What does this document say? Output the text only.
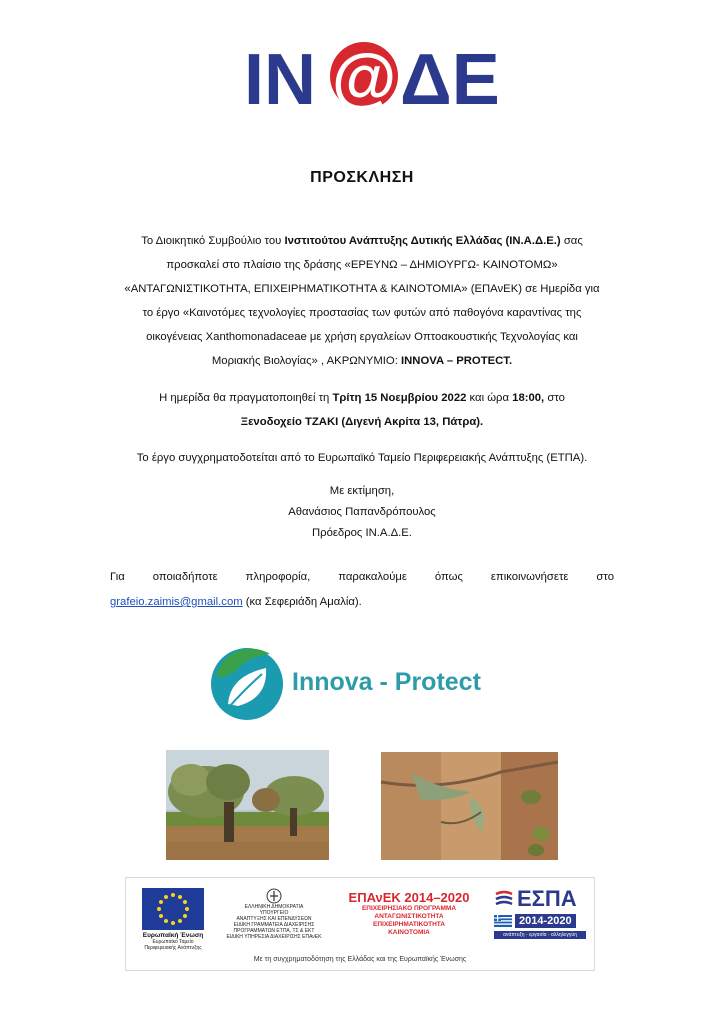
ΙΝ @ ΔΕ
ΠΡΟΣΚΛΗΣΗ
Το Διοικητικό Συμβούλιο του Ινστιτούτου Ανάπτυξης Δυτικής Ελλάδας (ΙΝ.Α.Δ.Ε.) σας
προσκαλεί στο πλαίσιο της δράσης «ΕΡΕΥΝΩ – ΔΗΜΙΟΥΡΓΩ- ΚΑΙΝΟΤΟΜΩ»
«ΑΝΤΑΓΩΝΙΣΤΙΚΟΤΗΤΑ, ΕΠΙΧΕΙΡΗΜΑΤΙΚΟΤΗΤΑ & ΚΑΙΝΟΤΟΜΙΑ» (ΕΠΑνΕΚ) σε Ημερίδα για
το έργο «Καινοτόμες τεχνολογίες προστασίας των φυτών από παθογόνα καραντίνας της
οικογένειας Xanthomonadaceae με χρήση εργαλείων Οπτοακουστικής Τεχνολογίας και
Μοριακής Βιολογίας» , ΑΚΡΩΝΥΜΙΟ: INNOVA – PROTECT.
Η ημερίδα θα πραγματοποιηθεί τη Τρίτη 15 Νοεμβρίου 2022 και ώρα 18:00, στο
Ξενοδοχείο ΤΖΑΚΙ (Διγενή Ακρίτα 13, Πάτρα).
Το έργο συγχρηματοδοτείται από το Ευρωπαϊκό Ταμείο Περιφερειακής Ανάπτυξης (ΕΤΠΑ).
Με εκτίμηση,
Αθανάσιος Παπανδρόπουλος
Πρόεδρος ΙΝ.Α.Δ.Ε.
Για οποιαδήποτε πληροφορία, παρακαλούμε όπως επικοινωνήσετε στο
grafeio.zaimis@gmail.com (κα Σεφεριάδη Αμαλία).
Innova - Protect
Ευρωπαϊκή Ένωση
Ευρωπαϊκό Ταμείο
Περιφερειακής Ανάπτυξης
ΕΛΛΗΝΙΚΗ ΔΗΜΟΚΡΑΤΙΑ
ΥΠΟΥΡΓΕΙΟ
ΑΝΑΠΤΥΞΗΣ ΚΑΙ ΕΠΕΝΔΥΣΕΩΝ
ΕΙΔΙΚΗ ΓΡΑΜΜΑΤΕΙΑ ΔΙΑΧΕΙΡΙΣΗΣ
ΠΡΟΓΡΑΜΜΑΤΩΝ ΕΤΠΑ, ΤΣ & ΕΚΤ
ΕΙΔΙΚΗ ΥΠΗΡΕΣΙΑ ΔΙΑΧΕΙΡΙΣΗΣ ΕΠΑνΕΚ
ΕΠΑνΕΚ 2014–2020
ΕΠΙΧΕΙΡΗΣΙΑΚΟ ΠΡΟΓΡΑΜΜΑ
ΑΝΤΑΓΩΝΙΣΤΙΚΟΤΗΤΑ
ΕΠΙΧΕΙΡΗΜΑΤΙΚΟΤΗΤΑ
ΚΑΙΝΟΤΟΜΙΑ
ΕΣΠΑ
2014-2020
ανάπτυξη - εργασία - αλληλεγγύη
Με τη συγχρηματοδότηση της Ελλάδας και της Ευρωπαϊκής Ένωσης
